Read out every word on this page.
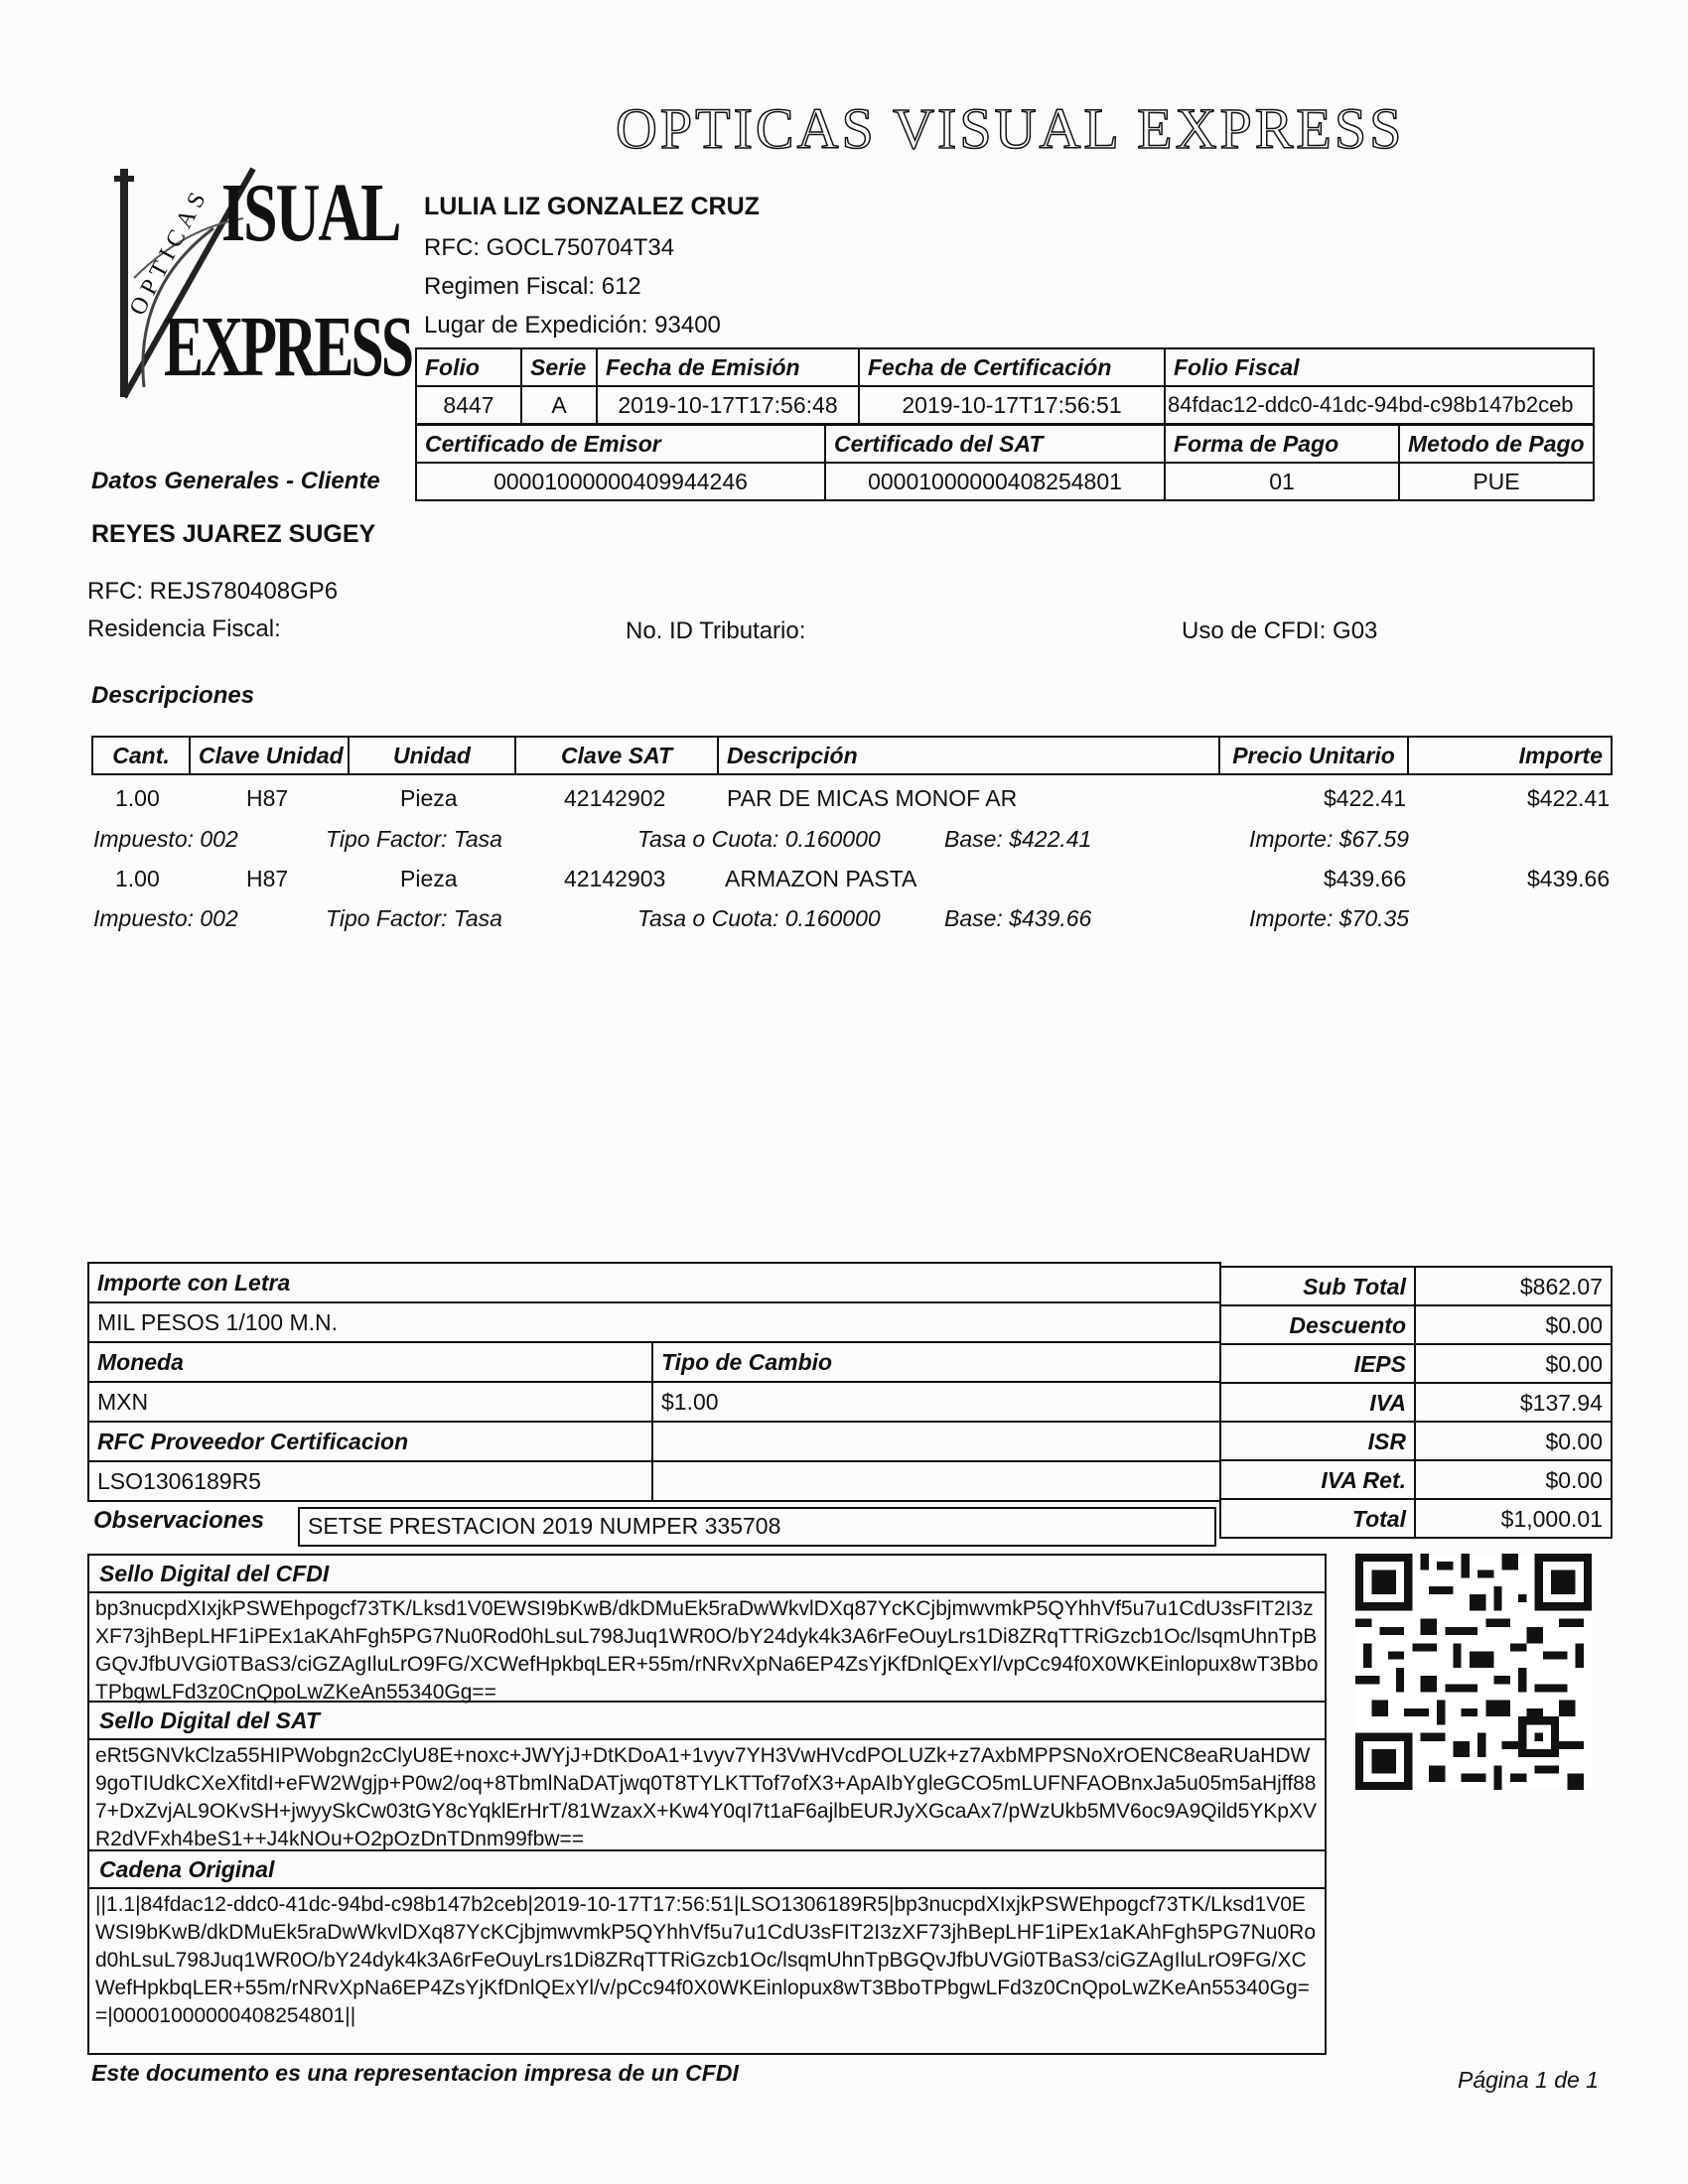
ISUAL
EXPRESS
OPTICAS
OPTICAS VISUAL EXPRESS
LULIA LIZ GONZALEZ CRUZ
RFC: GOCL750704T34
Regimen Fiscal: 612
Lugar de Expedición: 93400
Folio	Serie	Fecha de Emisión	Fecha de Certificación	Folio Fiscal
8447	A	2019-10-17T17:56:48	2019-10-17T17:56:51	84fdac12-ddc0-41dc-94bd-c98b147b2ceb
Certificado de Emisor	Certificado del SAT	Forma de Pago	Metodo de Pago
00001000000409944246	00001000000408254801	01	PUE
Datos Generales - Cliente
REYES JUAREZ SUGEY
RFC: REJS780408GP6
Residencia Fiscal:	No. ID Tributario:	Uso de CFDI: G03
Descripciones
Cant.	Clave Unidad	Unidad	Clave SAT	Descripción	Precio Unitario	Importe
1.00	H87	Pieza	42142902	PAR DE MICAS MONOF AR	$422.41	$422.41
Impuesto: 002	Tipo Factor: Tasa	Tasa o Cuota: 0.160000	Base: $422.41	Importe: $67.59
1.00	H87	Pieza	42142903	ARMAZON PASTA	$439.66	$439.66
Impuesto: 002	Tipo Factor: Tasa	Tasa o Cuota: 0.160000	Base: $439.66	Importe: $70.35
Importe con Letra	
MIL PESOS 1/100 M.N.	
Moneda	Tipo de Cambio
MXN	$1.00
RFC Proveedor Certificacion	
LSO1306189R5	
Sub Total	$862.07
Descuento	$0.00
IEPS	$0.00
IVA	$137.94
ISR	$0.00
IVA Ret.	$0.00
Total	$1,000.01
Observaciones	SETSE PRESTACION 2019 NUMPER 335708
Sello Digital del CFDI
bp3nucpdXIxjkPSWEhpogcf73TK/Lksd1V0EWSI9bKwB/dkDMuEk5raDwWkvlDXq87YcKCjbjmwvmkP5QYhhVf5u7u1CdU3sFIT2I3zXF73jhBepLHF1iPEx1aKAhFgh5PG7Nu0Rod0hLsuL798Juq1WR0O/bY24dyk4k3A6rFeOuyLrs1Di8ZRqTTRiGzcb1Oc/lsqmUhnTpBGQvJfbUVGi0TBaS3/ciGZAgIluLrO9FG/XCWefHpkbqLER+55m/rNRvXpNa6EP4ZsYjKfDnlQExYl/vpCc94f0X0WKEinlopux8wT3BboTPbgwLFd3z0CnQpoLwZKeAn55340Gg==
Sello Digital del SAT
eRt5GNVkClza55HIPWobgn2cClyU8E+noxc+JWYjJ+DtKDoA1+1vyv7YH3VwHVcdPOLUZk+z7AxbMPPSNoXrOENC8eaRUaHDW9goTIUdkCXeXfitdI+eFW2Wgjp+P0w2/oq+8TbmlNaDATjwq0T8TYLKTTof7ofX3+ApAIbYgleGCO5mLUFNFAOBnxJa5u05m5aHjff887+DxZvjAL9OKvSH+jwyySkCw03tGY8cYqklErHrT/81WzaxX+Kw4Y0qI7t1aF6ajlbEURJyXGcaAx7/pWzUkb5MV6oc9A9Qild5YKpXVR2dVFxh4beS1++J4kNOu+O2pOzDnTDnm99fbw==
Cadena Original
||1.1|84fdac12-ddc0-41dc-94bd-c98b147b2ceb|2019-10-17T17:56:51|LSO1306189R5|bp3nucpdXIxjkPSWEhpogcf73TK/Lksd1V0EWSI9bKwB/dkDMuEk5raDwWkvlDXq87YcKCjbjmwvmkP5QYhhVf5u7u1CdU3sFIT2I3zXF73jhBepLHF1iPEx1aKAhFgh5PG7Nu0Rod0hLsuL798Juq1WR0O/bY24dyk4k3A6rFeOuyLrs1Di8ZRqTTRiGzcb1Oc/lsqmUhnTpBGQvJfbUVGi0TBaS3/ciGZAgIluLrO9FG/XCWefHpkbqLER+55m/rNRvXpNa6EP4ZsYjKfDnlQExYl/v/pCc94f0X0WKEinlopux8wT3BboTPbgwLFd3z0CnQpoLwZKeAn55340Gg==|00001000000408254801||
Este documento es una representacion impresa de un CFDI	Página 1 de 1
